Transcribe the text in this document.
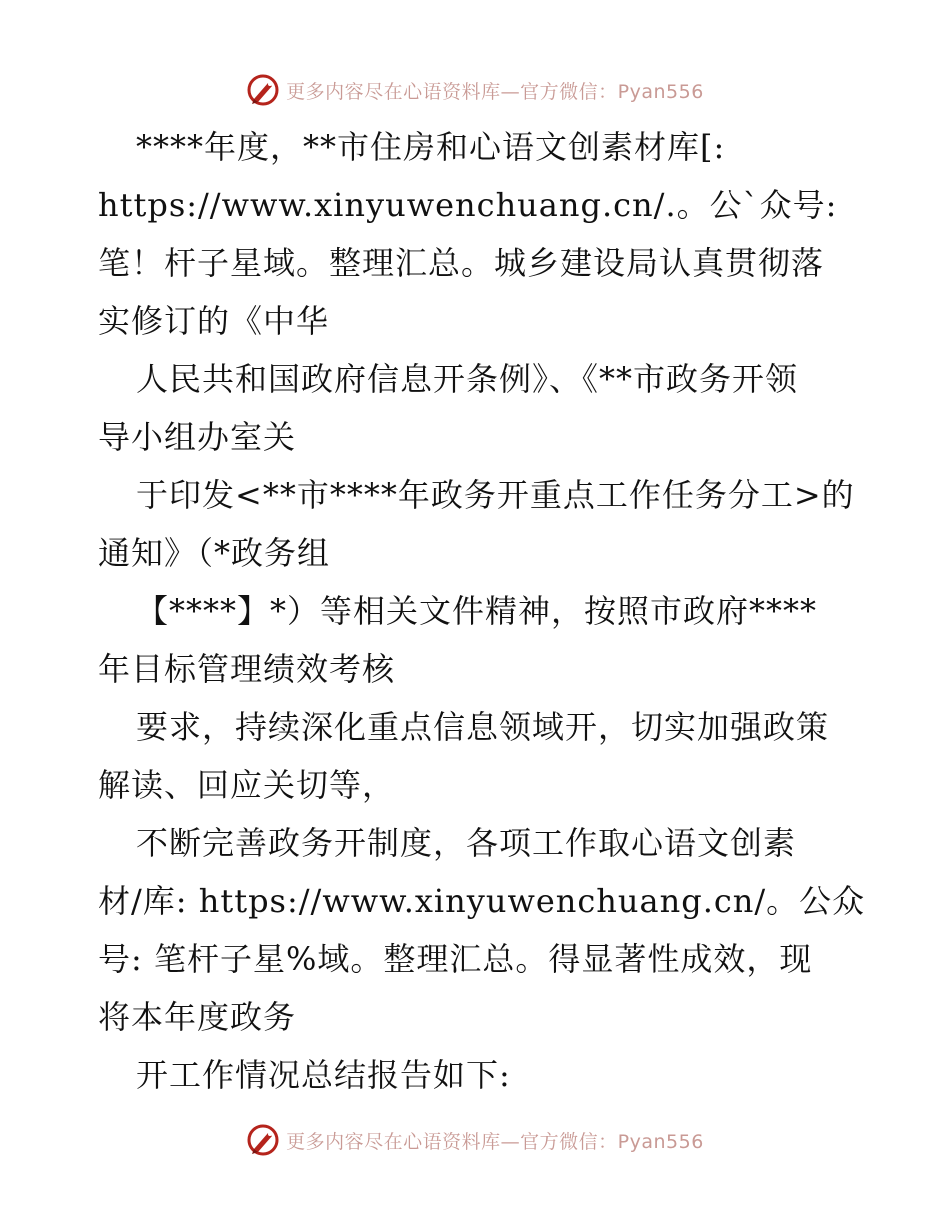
更多内容尽在心语资料库—官方微信：Pyan556
****年度，**市住房和心语文创素材库[:
https://www.xinyuwenchuang.cn/.。公`众号:
笔！杆子星域。整理汇总。城乡建设局认真贯彻落
实修订的《中华
人民共和国政府信息开条例》、《**市政务开领
导小组办室关
于印发<**市****年政务开重点工作任务分工>的
通知》（*政务组
【****】*）等相关文件精神，按照市政府****
年目标管理绩效考核
要求，持续深化重点信息领域开，切实加强政策
解读、回应关切等，
不断完善政务开制度，各项工作取心语文创素
材/库: https://www.xinyuwenchuang.cn/。公众
号: 笔杆子星%域。整理汇总。得显著性成效，现
将本年度政务
开工作情况总结报告如下:
更多内容尽在心语资料库—官方微信：Pyan556
